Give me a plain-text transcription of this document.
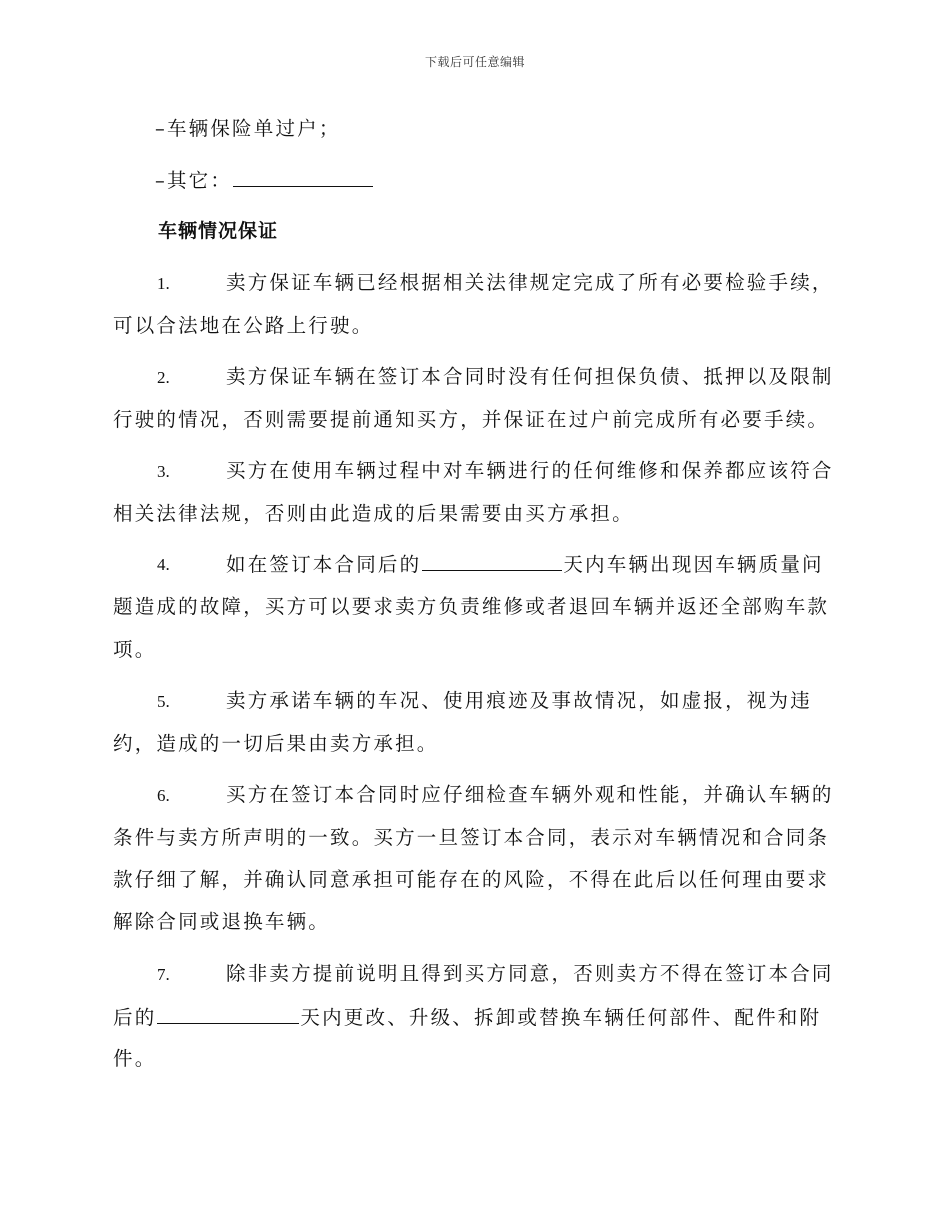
下载后可任意编辑
–车辆保险单过户；
–其它：
车辆情况保证
1.	卖方保证车辆已经根据相关法律规定完成了所有必要检验手续，
可以合法地在公路上行驶。
2.	卖方保证车辆在签订本合同时没有任何担保负债、抵押以及限制
行驶的情况，否则需要提前通知买方，并保证在过户前完成所有必要手续。
3.	买方在使用车辆过程中对车辆进行的任何维修和保养都应该符合
相关法律法规，否则由此造成的后果需要由买方承担。
4.	如在签订本合同后的	天内车辆出现因车辆质量问
题造成的故障，买方可以要求卖方负责维修或者退回车辆并返还全部购车款
项。
5.	卖方承诺车辆的车况、使用痕迹及事故情况，如虚报，视为违
约，造成的一切后果由卖方承担。
6.	买方在签订本合同时应仔细检查车辆外观和性能，并确认车辆的
条件与卖方所声明的一致。买方一旦签订本合同，表示对车辆情况和合同条
款仔细了解，并确认同意承担可能存在的风险，不得在此后以任何理由要求
解除合同或退换车辆。
7.	除非卖方提前说明且得到买方同意，否则卖方不得在签订本合同
后的	天内更改、升级、拆卸或替换车辆任何部件、配件和附
件。
